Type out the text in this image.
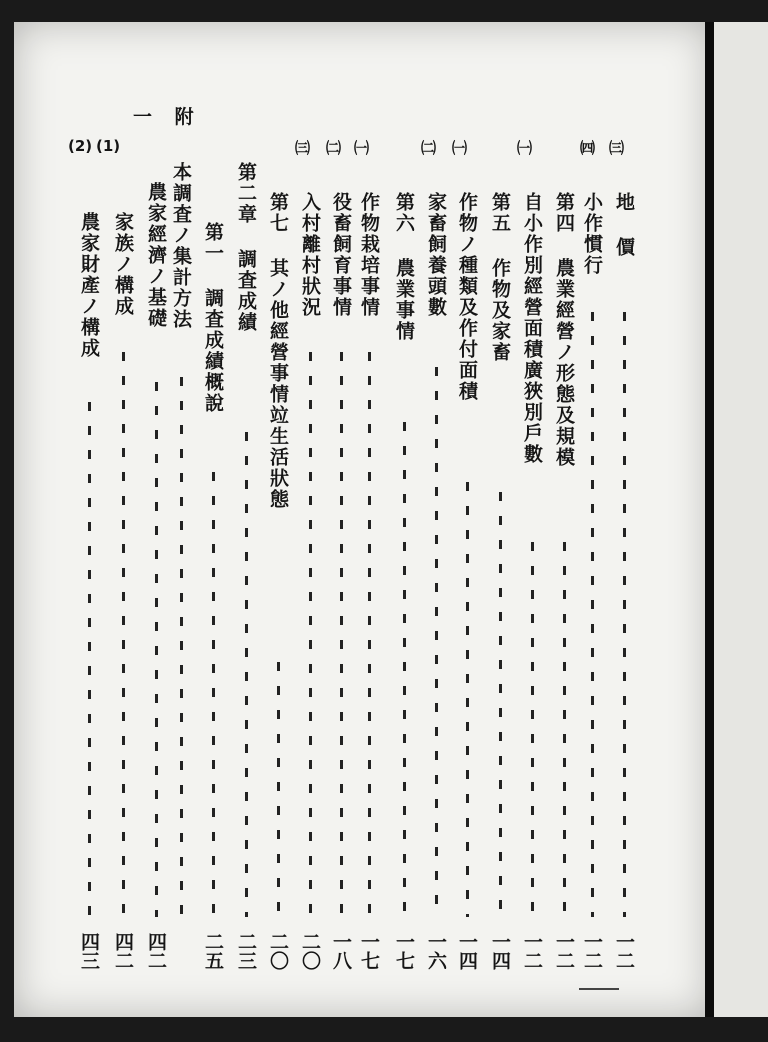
一 附
㈢
地 價
一二
㈣
小作慣行
一二
第四 農業經營ノ形態及規模
一二
㈠
自小作別經營面積廣狹別戶數
一二
第五 作物及家畜
一四
㈠
作物ノ種類及作付面積
一四
㈡
家畜飼養頭數
一六
第六 農業事情
一七
㈠
作物栽培事情
一七
㈡
役畜飼育事情
一八
㈢
入村離村狀況
二〇
第七 其ノ他經營事情竝生活狀態
二〇
第二章 調査成績
二三
第一 調査成績概說
二五
本調査ノ集計方法
四二
(1)
農家經濟ノ基礎
家族ノ構成
四二
(2)
農家財產ノ構成
四三
